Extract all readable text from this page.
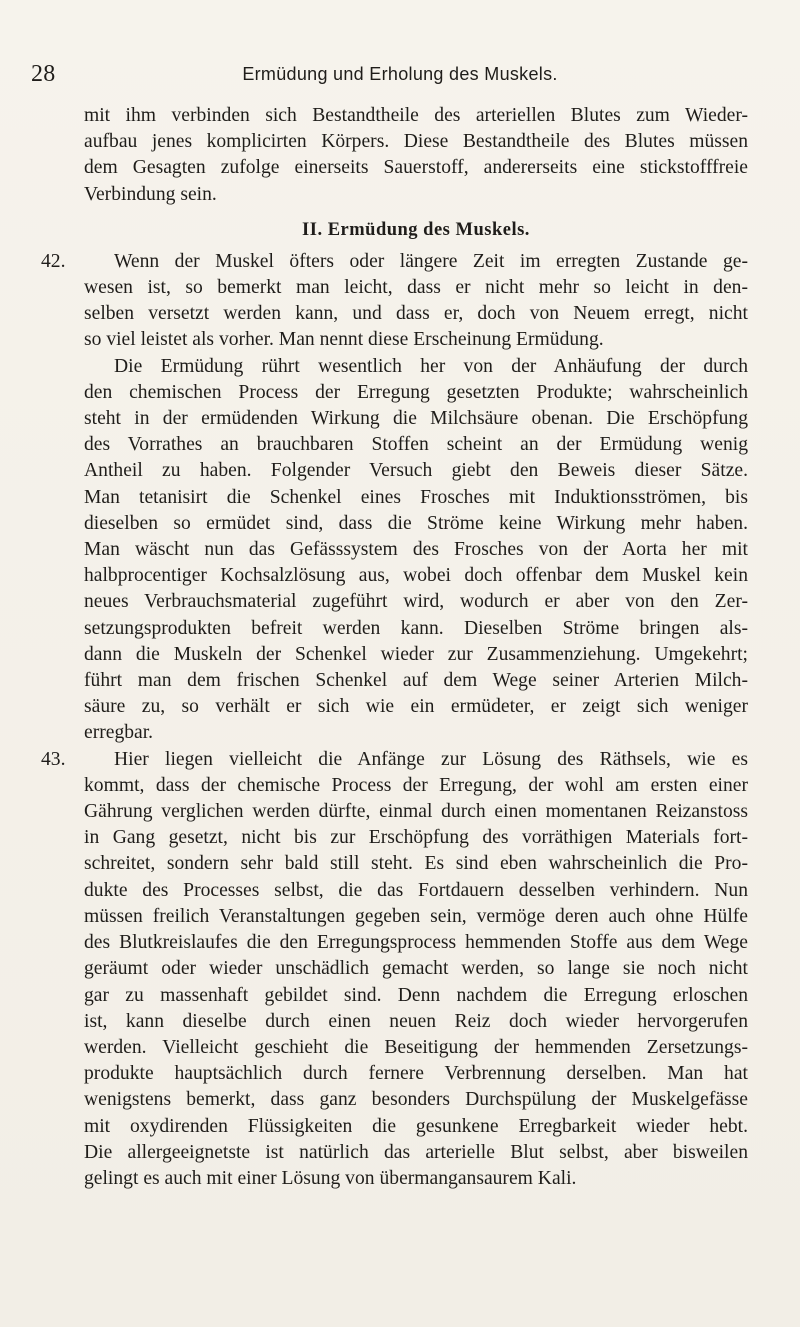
28	Ermüdung und Erholung des Muskels.
mit ihm verbinden sich Bestandtheile des arteriellen Blutes zum Wieder-
aufbau jenes komplicirten Körpers. Diese Bestandtheile des Blutes müssen
dem Gesagten zufolge einerseits Sauerstoff, andererseits eine stickstofffreie
Verbindung sein.
II. Ermüdung des Muskels.
42. Wenn der Muskel öfters oder längere Zeit im erregten Zustande ge-
wesen ist, so bemerkt man leicht, dass er nicht mehr so leicht in den-
selben versetzt werden kann, und dass er, doch von Neuem erregt, nicht
so viel leistet als vorher. Man nennt diese Erscheinung Ermüdung.
Die Ermüdung rührt wesentlich her von der Anhäufung der durch
den chemischen Process der Erregung gesetzten Produkte; wahrscheinlich
steht in der ermüdenden Wirkung die Milchsäure obenan. Die Erschöpfung
des Vorrathes an brauchbaren Stoffen scheint an der Ermüdung wenig
Antheil zu haben. Folgender Versuch giebt den Beweis dieser Sätze.
Man tetanisirt die Schenkel eines Frosches mit Induktionsströmen, bis
dieselben so ermüdet sind, dass die Ströme keine Wirkung mehr haben.
Man wäscht nun das Gefässsystem des Frosches von der Aorta her mit
halbprocentiger Kochsalzlösung aus, wobei doch offenbar dem Muskel kein
neues Verbrauchsmaterial zugeführt wird, wodurch er aber von den Zer-
setzungsprodukten befreit werden kann. Dieselben Ströme bringen als-
dann die Muskeln der Schenkel wieder zur Zusammenziehung. Umgekehrt;
führt man dem frischen Schenkel auf dem Wege seiner Arterien Milch-
säure zu, so verhält er sich wie ein ermüdeter, er zeigt sich weniger
erregbar.
43. Hier liegen vielleicht die Anfänge zur Lösung des Räthsels, wie es
kommt, dass der chemische Process der Erregung, der wohl am ersten einer
Gährung verglichen werden dürfte, einmal durch einen momentanen Reizanstoss
in Gang gesetzt, nicht bis zur Erschöpfung des vorräthigen Materials fort-
schreitet, sondern sehr bald still steht. Es sind eben wahrscheinlich die Pro-
dukte des Processes selbst, die das Fortdauern desselben verhindern. Nun
müssen freilich Veranstaltungen gegeben sein, vermöge deren auch ohne Hülfe
des Blutkreislaufes die den Erregungsprocess hemmenden Stoffe aus dem Wege
geräumt oder wieder unschädlich gemacht werden, so lange sie noch nicht
gar zu massenhaft gebildet sind. Denn nachdem die Erregung erloschen
ist, kann dieselbe durch einen neuen Reiz doch wieder hervorgerufen
werden. Vielleicht geschieht die Beseitigung der hemmenden Zersetzungs-
produkte hauptsächlich durch fernere Verbrennung derselben. Man hat
wenigstens bemerkt, dass ganz besonders Durchspülung der Muskelgefässe
mit oxydirenden Flüssigkeiten die gesunkene Erregbarkeit wieder hebt.
Die allergeeignetste ist natürlich das arterielle Blut selbst, aber bisweilen
gelingt es auch mit einer Lösung von übermangansaurem Kali.
